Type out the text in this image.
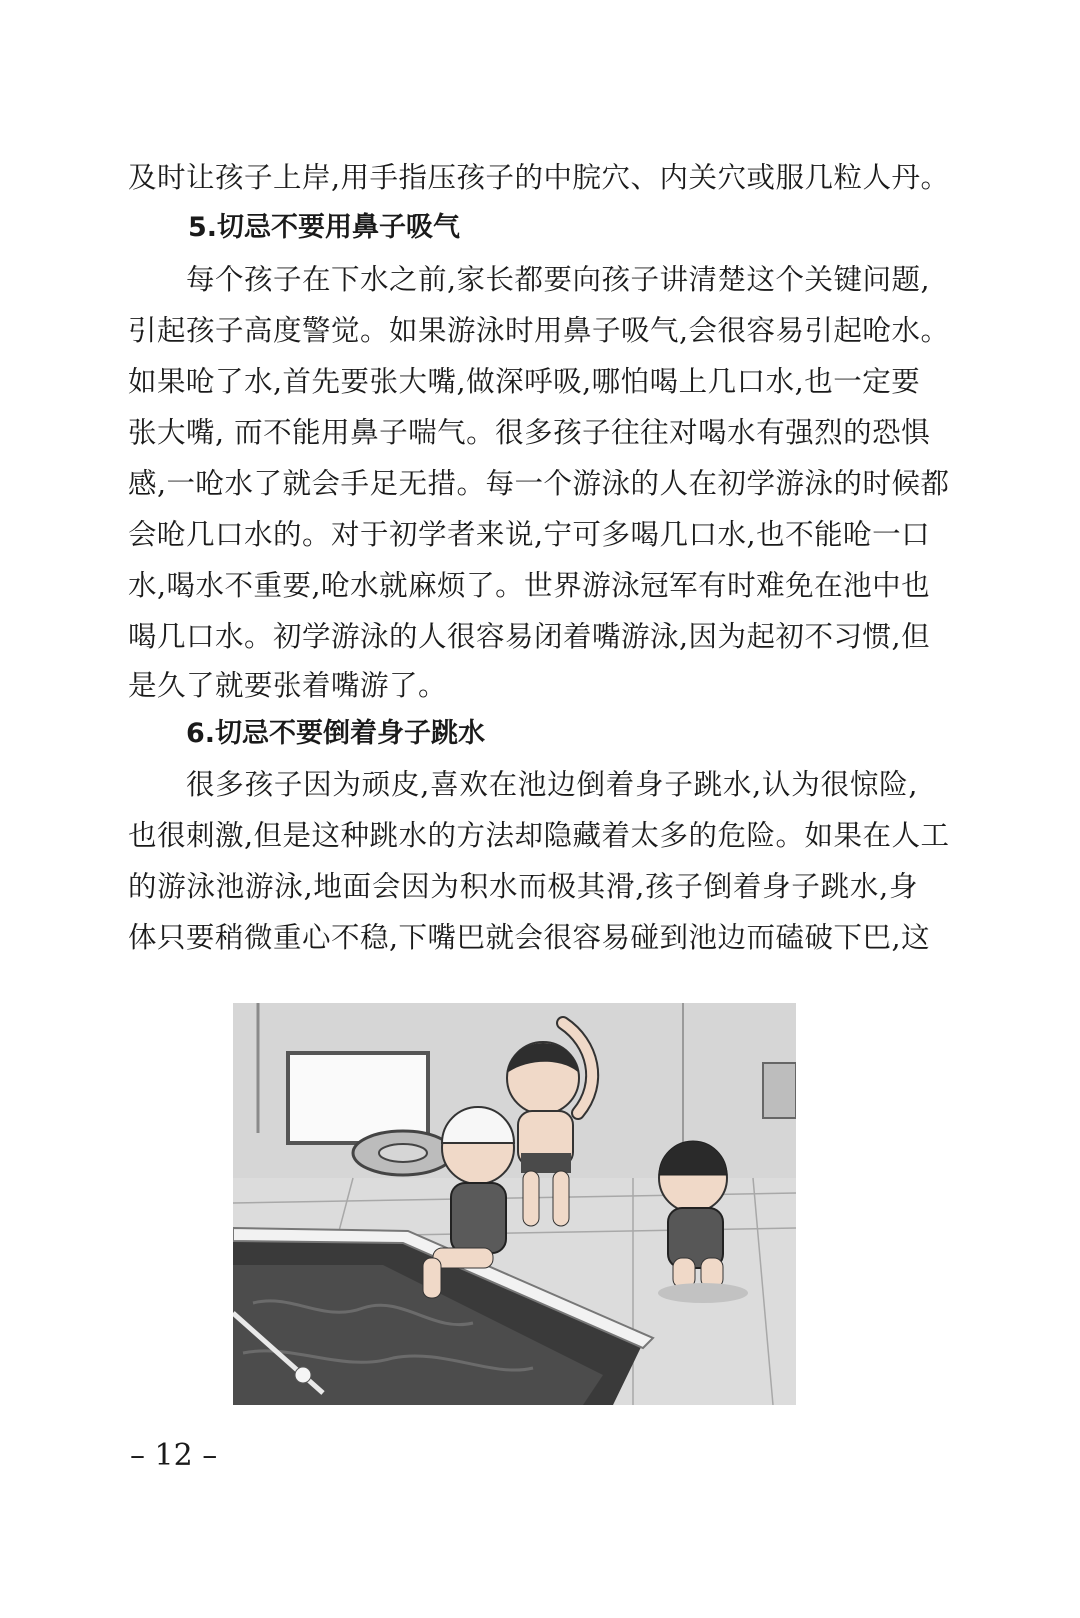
及时让孩子上岸,用手指压孩子的中脘穴、内关穴或服几粒人丹。
5.切忌不要用鼻子吸气
每个孩子在下水之前,家长都要向孩子讲清楚这个关键问题,
引起孩子高度警觉。如果游泳时用鼻子吸气,会很容易引起呛水。
如果呛了水,首先要张大嘴,做深呼吸,哪怕喝上几口水,也一定要
张大嘴, 而不能用鼻子喘气。很多孩子往往对喝水有强烈的恐惧
感,一呛水了就会手足无措。每一个游泳的人在初学游泳的时候都
会呛几口水的。对于初学者来说,宁可多喝几口水,也不能呛一口
水,喝水不重要,呛水就麻烦了。世界游泳冠军有时难免在池中也
喝几口水。初学游泳的人很容易闭着嘴游泳,因为起初不习惯,但
是久了就要张着嘴游了。
6.切忌不要倒着身子跳水
很多孩子因为顽皮,喜欢在池边倒着身子跳水,认为很惊险,
也很刺激,但是这种跳水的方法却隐藏着太多的危险。如果在人工
的游泳池游泳,地面会因为积水而极其滑,孩子倒着身子跳水,身
体只要稍微重心不稳,下嘴巴就会很容易碰到池边而磕破下巴,这
– 12 –
